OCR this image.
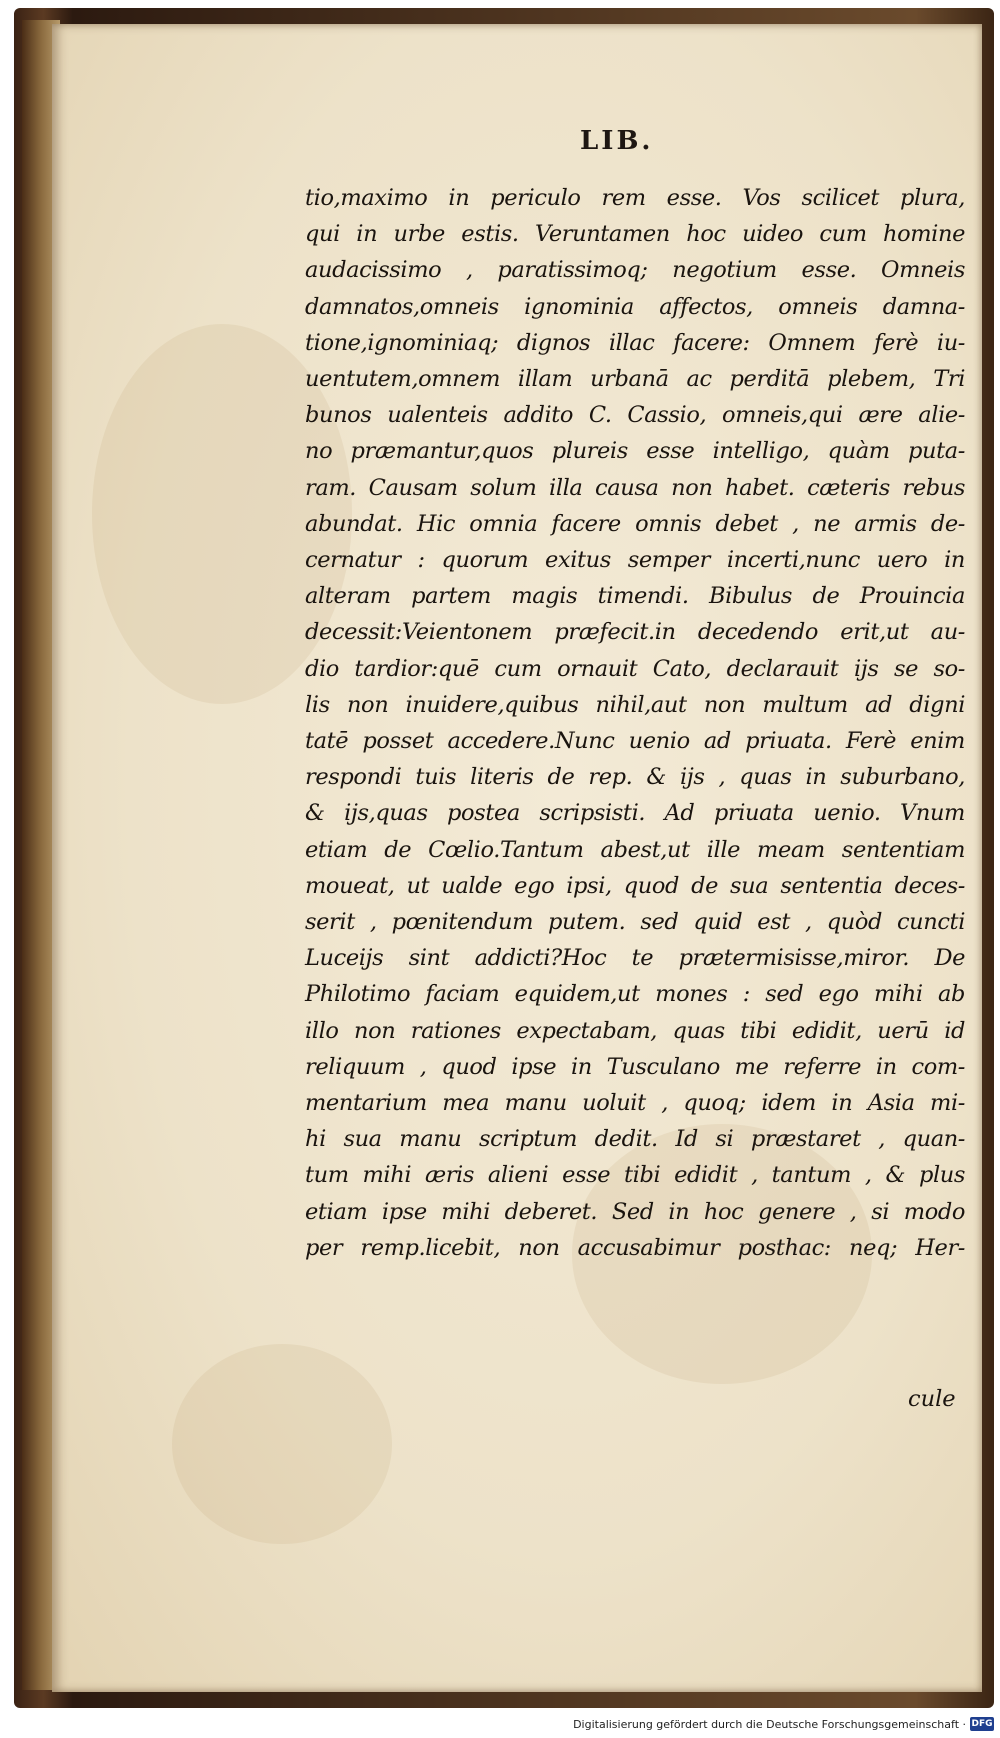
LIB.
tio,maximo in periculo rem esse. Vos scilicet plura,
qui in urbe estis. Veruntamen hoc uideo cum homine
audacissimo , paratissimoq; negotium esse. Omneis
damnatos,omneis ignominia affectos, omneis damna-
tione,ignominiaq; dignos illac facere: Omnem ferè iu-
uentutem,omnem illam urbanā ac perditā plebem, Tri
bunos ualenteis addito C. Cassio, omneis,qui ære alie-
no præmantur,quos plureis esse intelligo, quàm puta-
ram. Causam solum illa causa non habet. cæteris rebus
abundat. Hic omnia facere omnis debet , ne armis de-
cernatur : quorum exitus semper incerti,nunc uero in
alteram partem magis timendi. Bibulus de Prouincia
decessit:Veientonem præfecit.in decedendo erit,ut au-
dio tardior:quē cum ornauit Cato, declarauit ijs se so-
lis non inuidere,quibus nihil,aut non multum ad digni
tatē posset accedere.Nunc uenio ad priuata. Ferè enim
respondi tuis literis de rep. & ijs , quas in suburbano,
& ijs,quas postea scripsisti. Ad priuata uenio. Vnum
etiam de Cœlio.Tantum abest,ut ille meam sententiam
moueat, ut ualde ego ipsi, quod de sua sententia deces-
serit , pœnitendum putem. sed quid est , quòd cuncti
Luceijs sint addicti?Hoc te prætermisisse,miror. De
Philotimo faciam equidem,ut mones : sed ego mihi ab
illo non rationes expectabam, quas tibi edidit, uerū id
reliquum , quod ipse in Tusculano me referre in com-
mentarium mea manu uoluit , quoq; idem in Asia mi-
hi sua manu scriptum dedit. Id si præstaret , quan-
tum mihi æris alieni esse tibi edidit , tantum , & plus
etiam ipse mihi deberet. Sed in hoc genere , si modo
per remp.licebit, non accusabimur posthac: neq; Her-
cule
Digitalisierung gefördert durch die Deutsche Forschungsgemeinschaft · DFG
